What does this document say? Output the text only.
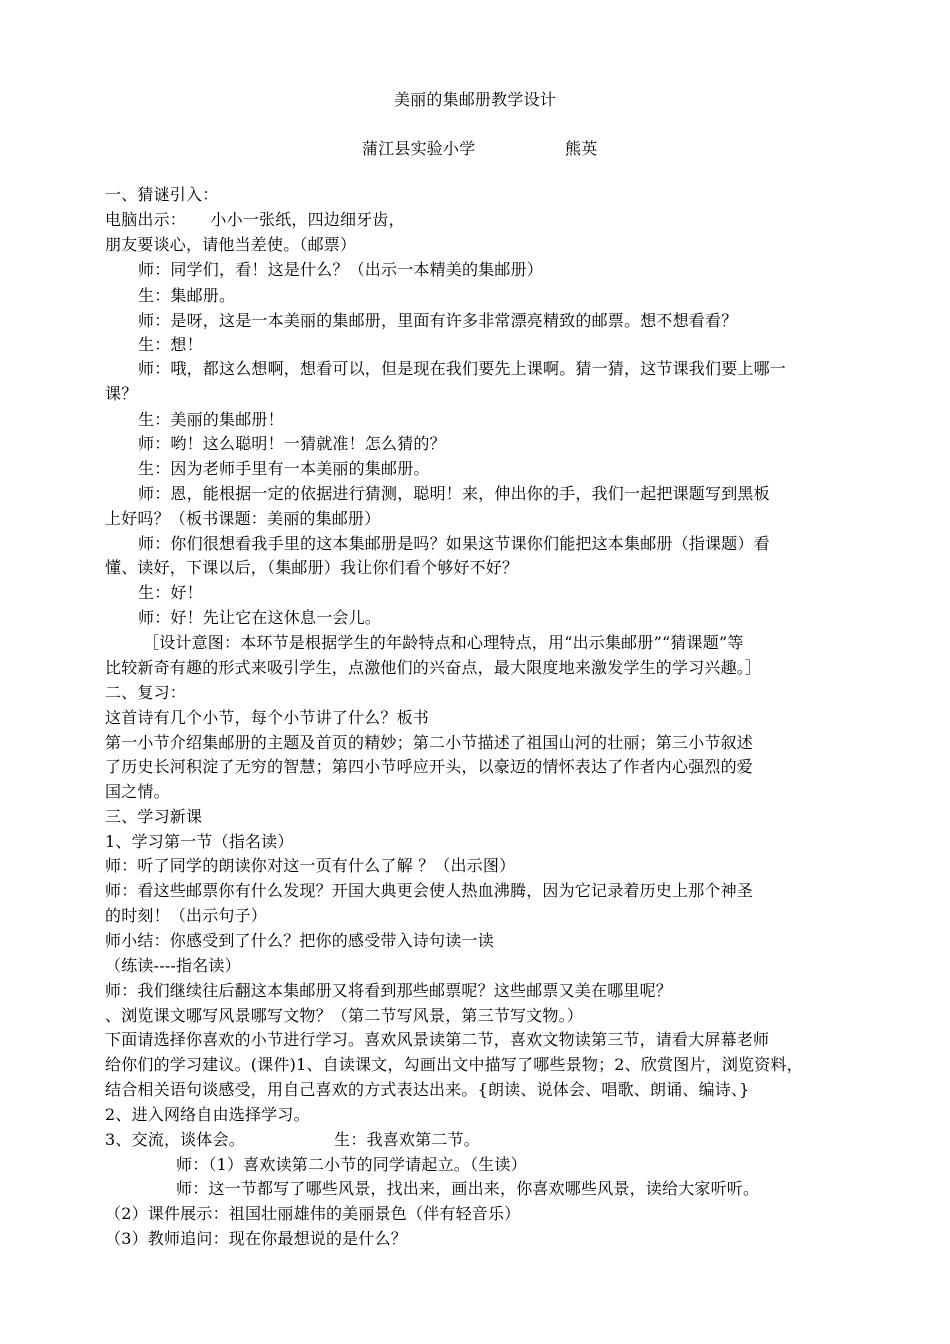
美丽的集邮册教学设计
蒲江县实验小学	熊英
一、猜谜引入：
电脑出示：　　小小一张纸，四边细牙齿，
朋友要谈心，请他当差使。（邮票）
师：同学们，看！这是什么？（出示一本精美的集邮册）
生：集邮册。
师：是呀，这是一本美丽的集邮册，里面有许多非常漂亮精致的邮票。想不想看看？
生：想！
师：哦，都这么想啊，想看可以，但是现在我们要先上课啊。猜一猜，这节课我们要上哪一
课？
生：美丽的集邮册！
师：哟！这么聪明！一猜就准！怎么猜的？
生：因为老师手里有一本美丽的集邮册。
师：恩，能根据一定的依据进行猜测，聪明！来，伸出你的手，我们一起把课题写到黑板
上好吗？（板书课题：美丽的集邮册）
师：你们很想看我手里的这本集邮册是吗？如果这节课你们能把这本集邮册（指课题）看
懂、读好，下课以后，（集邮册）我让你们看个够好不好？
生：好！
师：好！先让它在这休息一会儿。
［设计意图：本环节是根据学生的年龄特点和心理特点，用“出示集邮册”“猜课题”等
比较新奇有趣的形式来吸引学生，点激他们的兴奋点，最大限度地来激发学生的学习兴趣。］
二、复习：
这首诗有几个小节，每个小节讲了什么？板书
第一小节介绍集邮册的主题及首页的精妙；第二小节描述了祖国山河的壮丽；第三小节叙述
了历史长河积淀了无穷的智慧；第四小节呼应开头，以豪迈的情怀表达了作者内心强烈的爱
国之情。
三、学习新课
1、学习第一节（指名读）
师：听了同学的朗读你对这一页有什么了解 ？（出示图）
师：看这些邮票你有什么发现？开国大典更会使人热血沸腾，因为它记录着历史上那个神圣
的时刻！（出示句子）
师小结：你感受到了什么？把你的感受带入诗句读一读
（练读----指名读）
师：我们继续往后翻这本集邮册又将看到那些邮票呢？这些邮票又美在哪里呢？
、浏览课文哪写风景哪写文物？（第二节写风景，第三节写文物。）
下面请选择你喜欢的小节进行学习。喜欢风景读第二节，喜欢文物读第三节，请看大屏幕老师
给你们的学习建议。(课件)1、自读课文，勾画出文中描写了哪些景物；2、欣赏图片，浏览资料，
结合相关语句谈感受，用自己喜欢的方式表达出来。{朗读、说体会、唱歌、朗诵、编诗、}
2、进入网络自由选择学习。
3、交流，谈体会。　　　　　　生：我喜欢第二节。
师：（1）喜欢读第二小节的同学请起立。（生读）
师：这一节都写了哪些风景，找出来，画出来，你喜欢哪些风景，读给大家听听。
（2）课件展示：祖国壮丽雄伟的美丽景色（伴有轻音乐）
（3）教师追问：现在你最想说的是什么？
